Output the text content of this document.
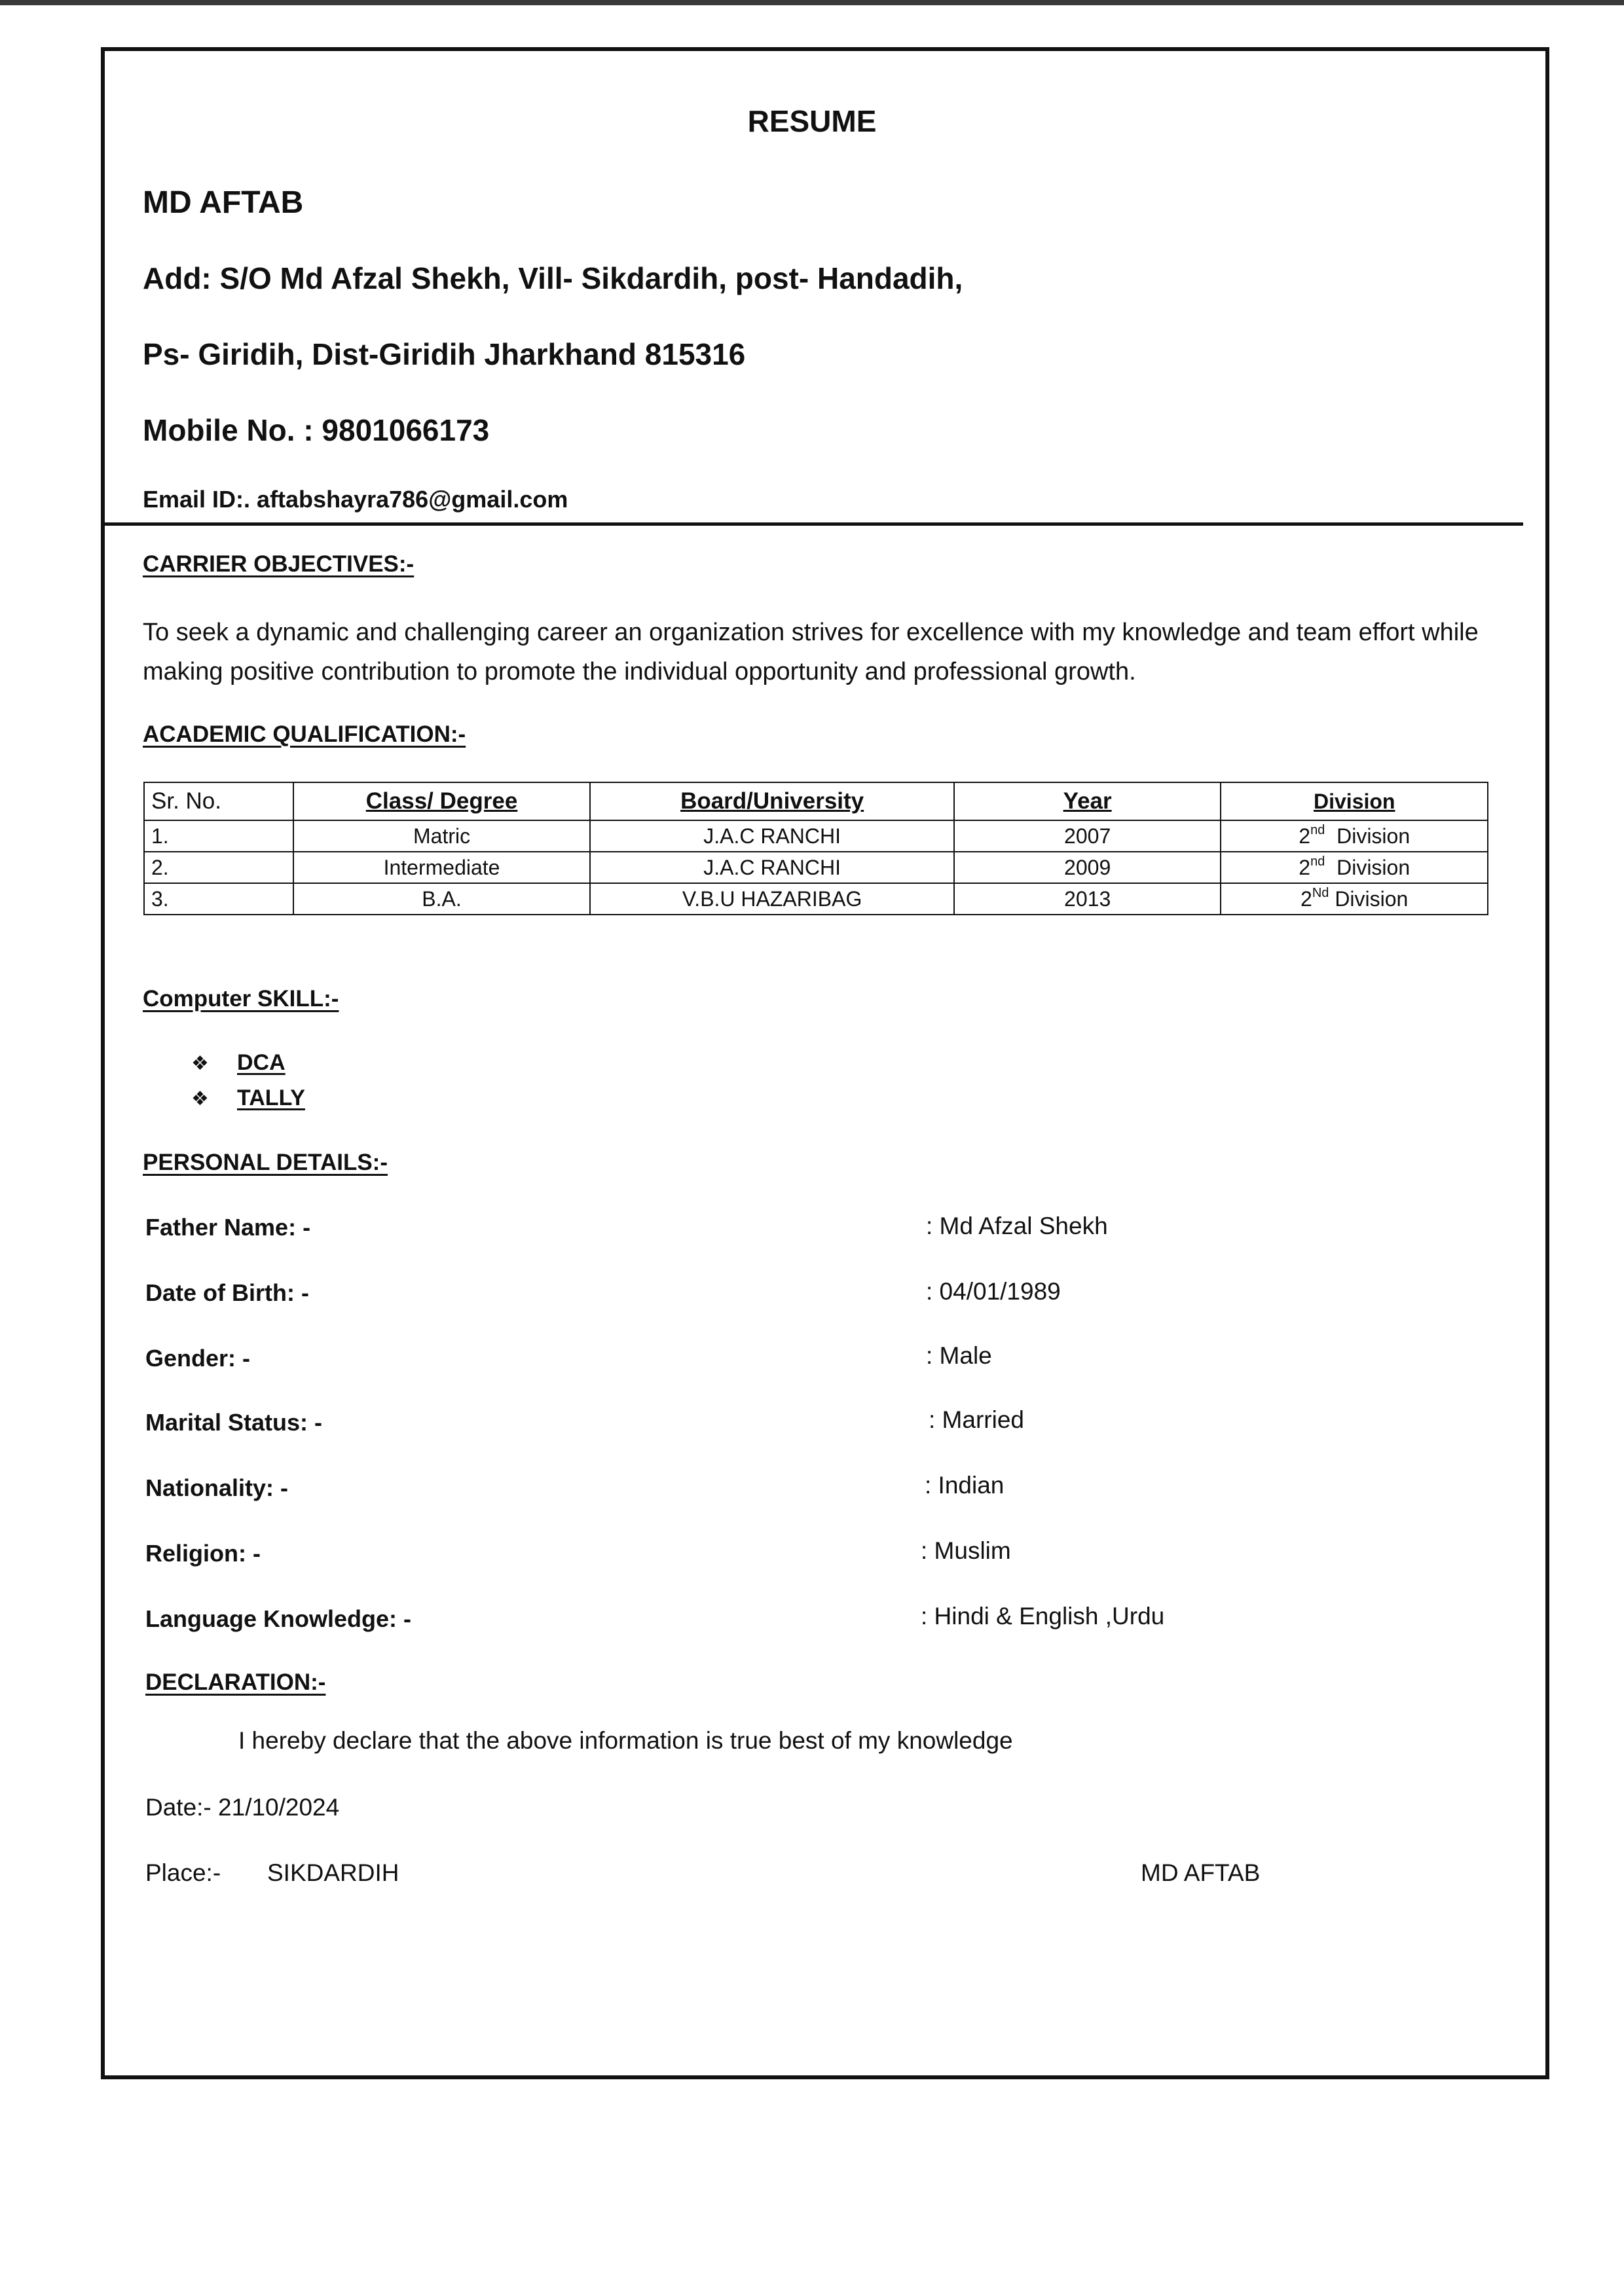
RESUME
MD AFTAB
Add: S/O Md Afzal Shekh, Vill- Sikdardih, post- Handadih,
Ps- Giridih, Dist-Giridih Jharkhand 815316
Mobile No. : 9801066173
Email ID:. aftabshayra786@gmail.com
CARRIER OBJECTIVES:-
To seek a dynamic and challenging career an organization strives for excellence with my knowledge and team effort while making positive contribution to promote the individual opportunity and professional growth.
ACADEMIC QUALIFICATION:-
Sr. No.	Class/ Degree	Board/University	Year	Division
1.	Matric	J.A.C RANCHI	2007	2nd Division
2.	Intermediate	J.A.C RANCHI	2009	2nd Division
3.	B.A.	V.B.U HAZARIBAG	2013	2Nd Division
Computer SKILL:-
❖ DCA
❖ TALLY
PERSONAL DETAILS:-
Father Name: -	: Md Afzal Shekh
Date of Birth: -	: 04/01/1989
Gender: -	: Male
Marital Status: -	: Married
Nationality: -	: Indian
Religion: -	: Muslim
Language Knowledge: -	: Hindi & English ,Urdu
DECLARATION:-
I hereby declare that the above information is true best of my knowledge
Date:- 21/10/2024
Place:- SIKDARDIH	MD AFTAB
